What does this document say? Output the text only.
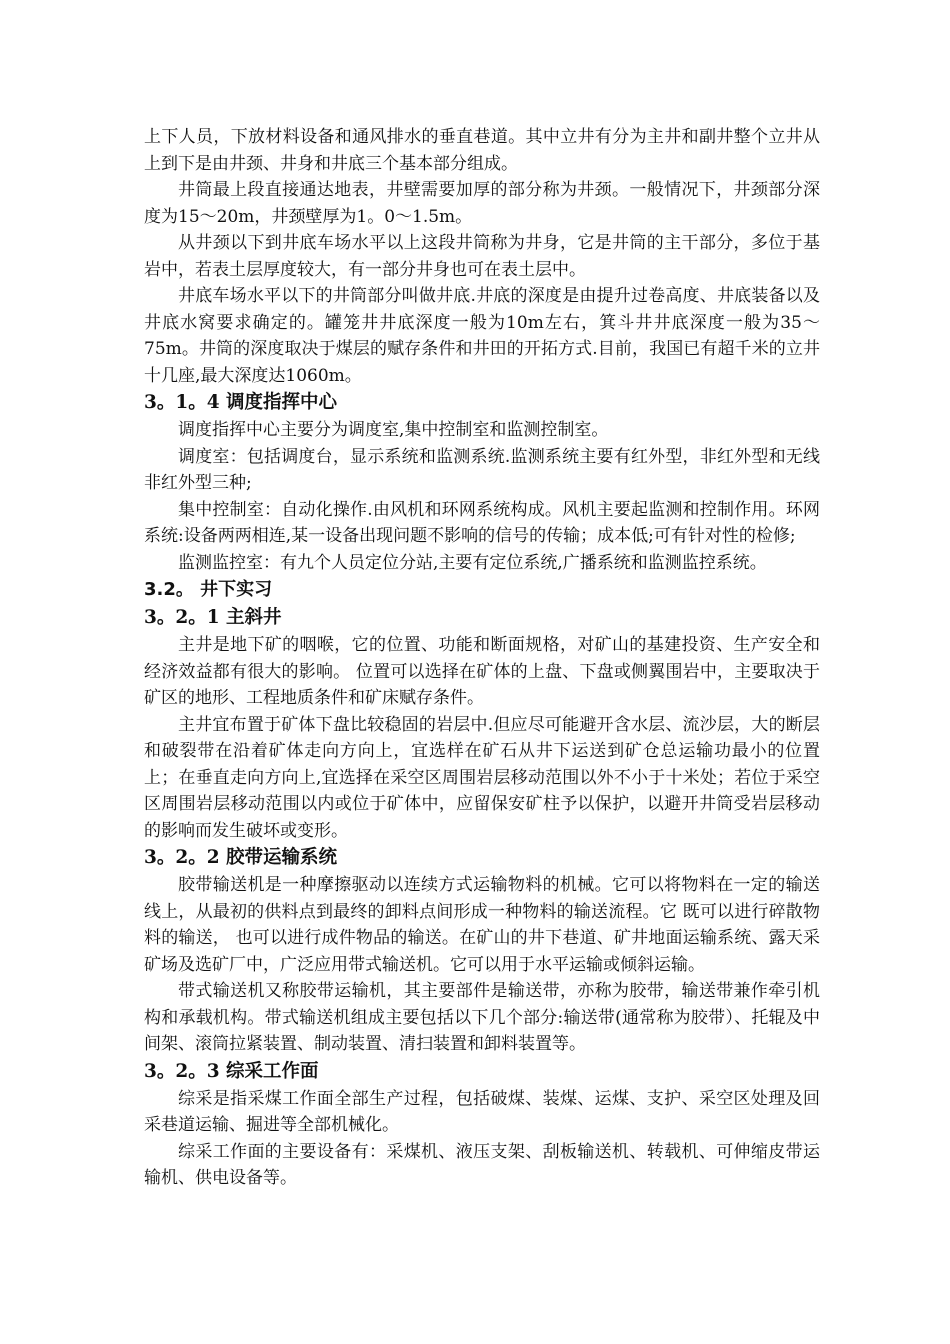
上下人员，下放材料设备和通风排水的垂直巷道。其中立井有分为主井和副井整个立井从上到下是由井颈、井身和井底三个基本部分组成。

井筒最上段直接通达地表，井壁需要加厚的部分称为井颈。一般情况下，井颈部分深度为15～20m，井颈壁厚为1。0～1.5m。

从井颈以下到井底车场水平以上这段井筒称为井身，它是井筒的主干部分，多位于基岩中，若表土层厚度较大，有一部分井身也可在表土层中。

井底车场水平以下的井筒部分叫做井底.井底的深度是由提升过卷高度、井底装备以及井底水窝要求确定的。罐笼井井底深度一般为10m左右，箕斗井井底深度一般为35～75m。井筒的深度取决于煤层的赋存条件和井田的开拓方式.目前，我国已有超千米的立井十几座,最大深度达1060m。

3。1。4 调度指挥中心

调度指挥中心主要分为调度室,集中控制室和监测控制室。

调度室：包括调度台，显示系统和监测系统.监测系统主要有红外型，非红外型和无线非红外型三种;

集中控制室：自动化操作.由风机和环网系统构成。风机主要起监测和控制作用。环网系统:设备两两相连,某一设备出现问题不影响的信号的传输；成本低;可有针对性的检修;

监测监控室：有九个人员定位分站,主要有定位系统,广播系统和监测监控系统。

3.2。 井下实习
3。2。1 主斜井

主井是地下矿的咽喉，它的位置、功能和断面规格，对矿山的基建投资、生产安全和经济效益都有很大的影响。 位置可以选择在矿体的上盘、下盘或侧翼围岩中，主要取决于矿区的地形、工程地质条件和矿床赋存条件。

主井宜布置于矿体下盘比较稳固的岩层中.但应尽可能避开含水层、流沙层，大的断层和破裂带在沿着矿体走向方向上，宜选样在矿石从井下运送到矿仓总运输功最小的位置上；在垂直走向方向上,宜选择在采空区周围岩层移动范围以外不小于十米处；若位于采空区周围岩层移动范围以内或位于矿体中，应留保安矿柱予以保护，以避开井筒受岩层移动的影响而发生破坏或变形。

3。2。2 胶带运输系统

胶带输送机是一种摩擦驱动以连续方式运输物料的机械。它可以将物料在一定的输送线上，从最初的供料点到最终的卸料点间形成一种物料的输送流程。它 既可以进行碎散物料的输送， 也可以进行成件物品的输送。在矿山的井下巷道、矿井地面运输系统、露天采矿场及选矿厂中，广泛应用带式输送机。它可以用于水平运输或倾斜运输。

带式输送机又称胶带运输机，其主要部件是输送带，亦称为胶带，输送带兼作牵引机构和承载机构。带式输送机组成主要包括以下几个部分:输送带(通常称为胶带）、托辊及中间架、滚筒拉紧装置、制动装置、清扫装置和卸料装置等。

3。2。3 综采工作面

综采是指采煤工作面全部生产过程，包括破煤、装煤、运煤、支护、采空区处理及回采巷道运输、掘进等全部机械化。

综采工作面的主要设备有：采煤机、液压支架、刮板输送机、转载机、可伸缩皮带运输机、供电设备等。
